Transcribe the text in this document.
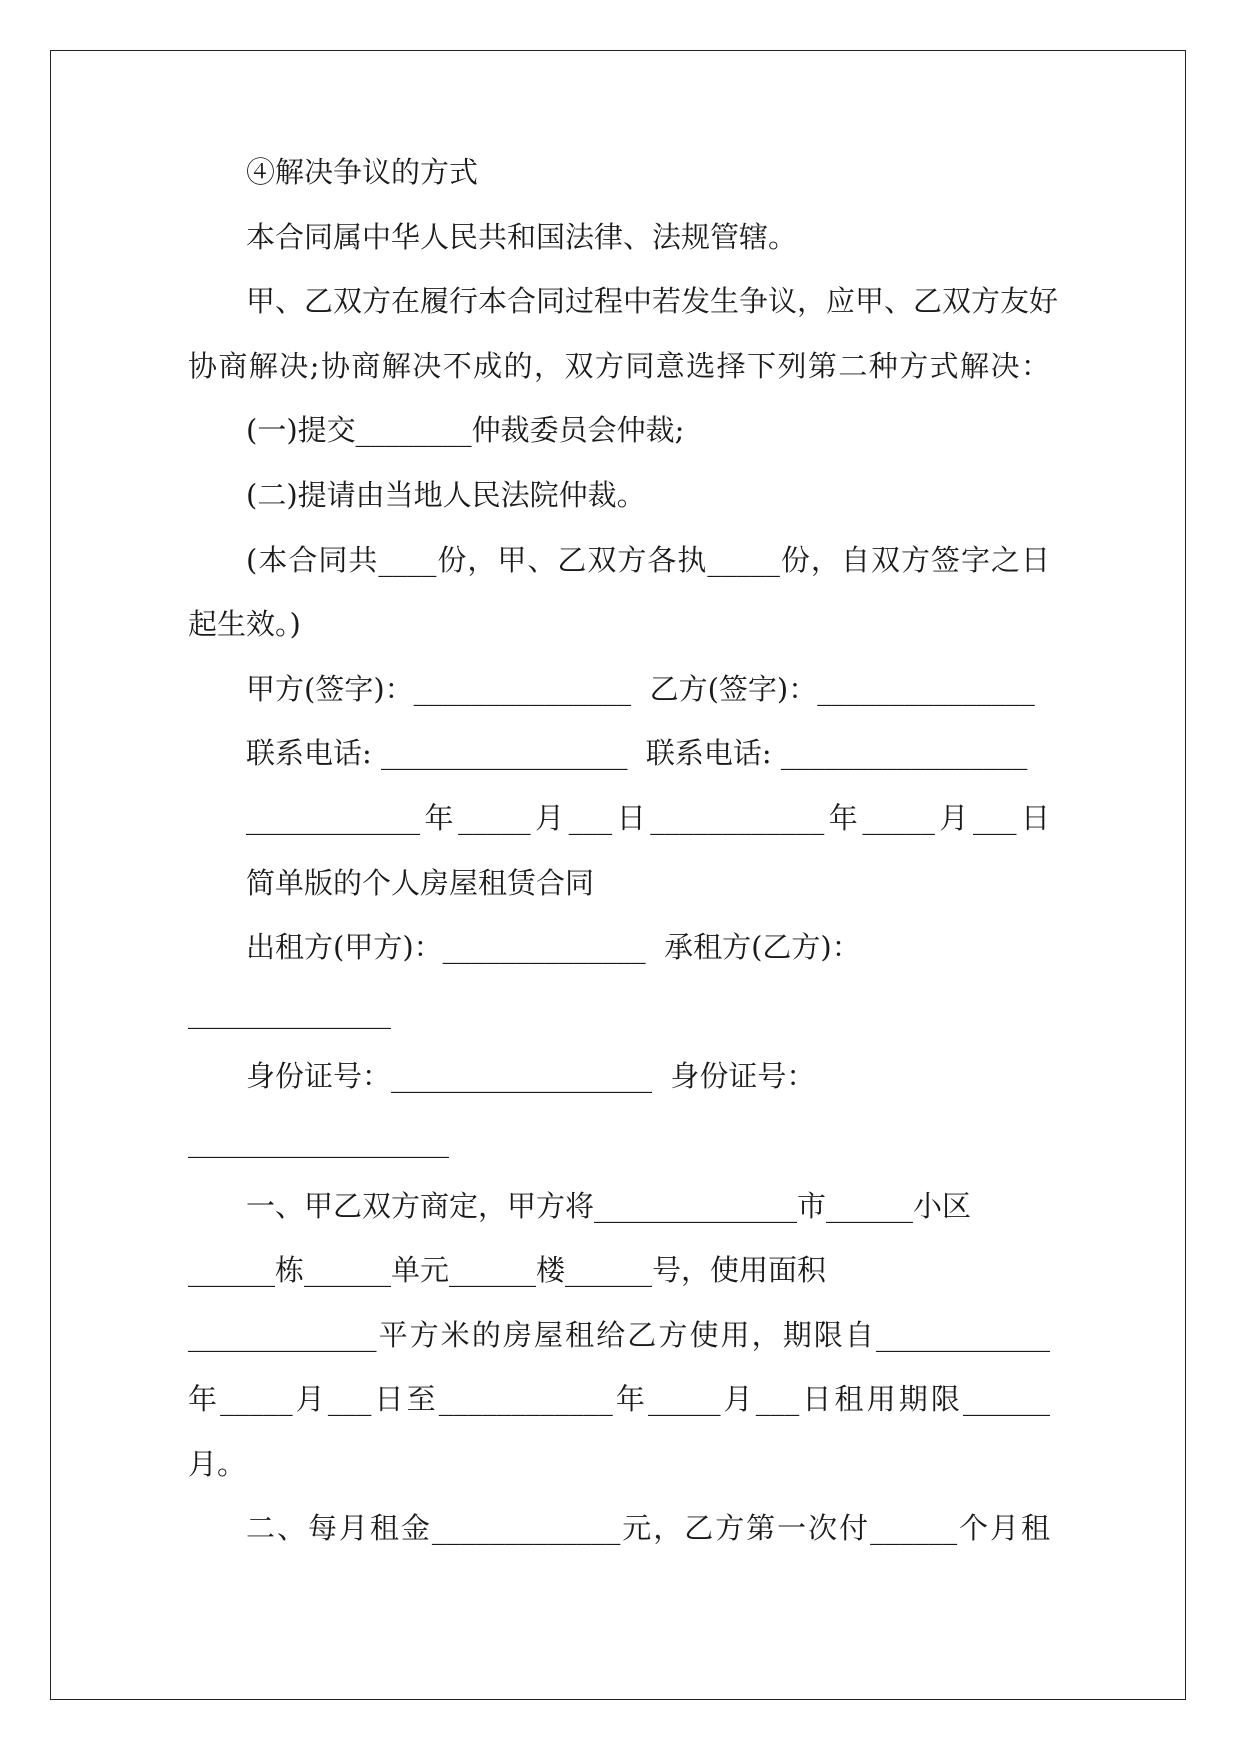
④解决争议的方式
本合同属中华人民共和国法律、法规管辖。
甲、乙双方在履行本合同过程中若发生争议，应甲、乙双方友好
协商解决;协商解决不成的，双方同意选择下列第二种方式解决：
(一)提交________仲裁委员会仲裁;
(二)提请由当地人民法院仲裁。
(本合同共____份，甲、乙双方各执_____份，自双方签字之日
起生效。)
甲方(签字)：_______________  乙方(签字)：_______________
联系电话: _________________  联系电话: _________________
____________年_____月___日____________年_____月___日
简单版的个人房屋租赁合同
出租方(甲方)：______________  承租方(乙方)：
______________
身份证号：__________________  身份证号：
__________________
一、甲乙双方商定，甲方将______________市______小区
______栋______单元______楼______号，使用面积
_____________平方米的房屋租给乙方使用，期限自____________
年_____月___日至____________年_____月___日租用期限______
月。
二、每月租金_____________元，乙方第一次付______个月租
